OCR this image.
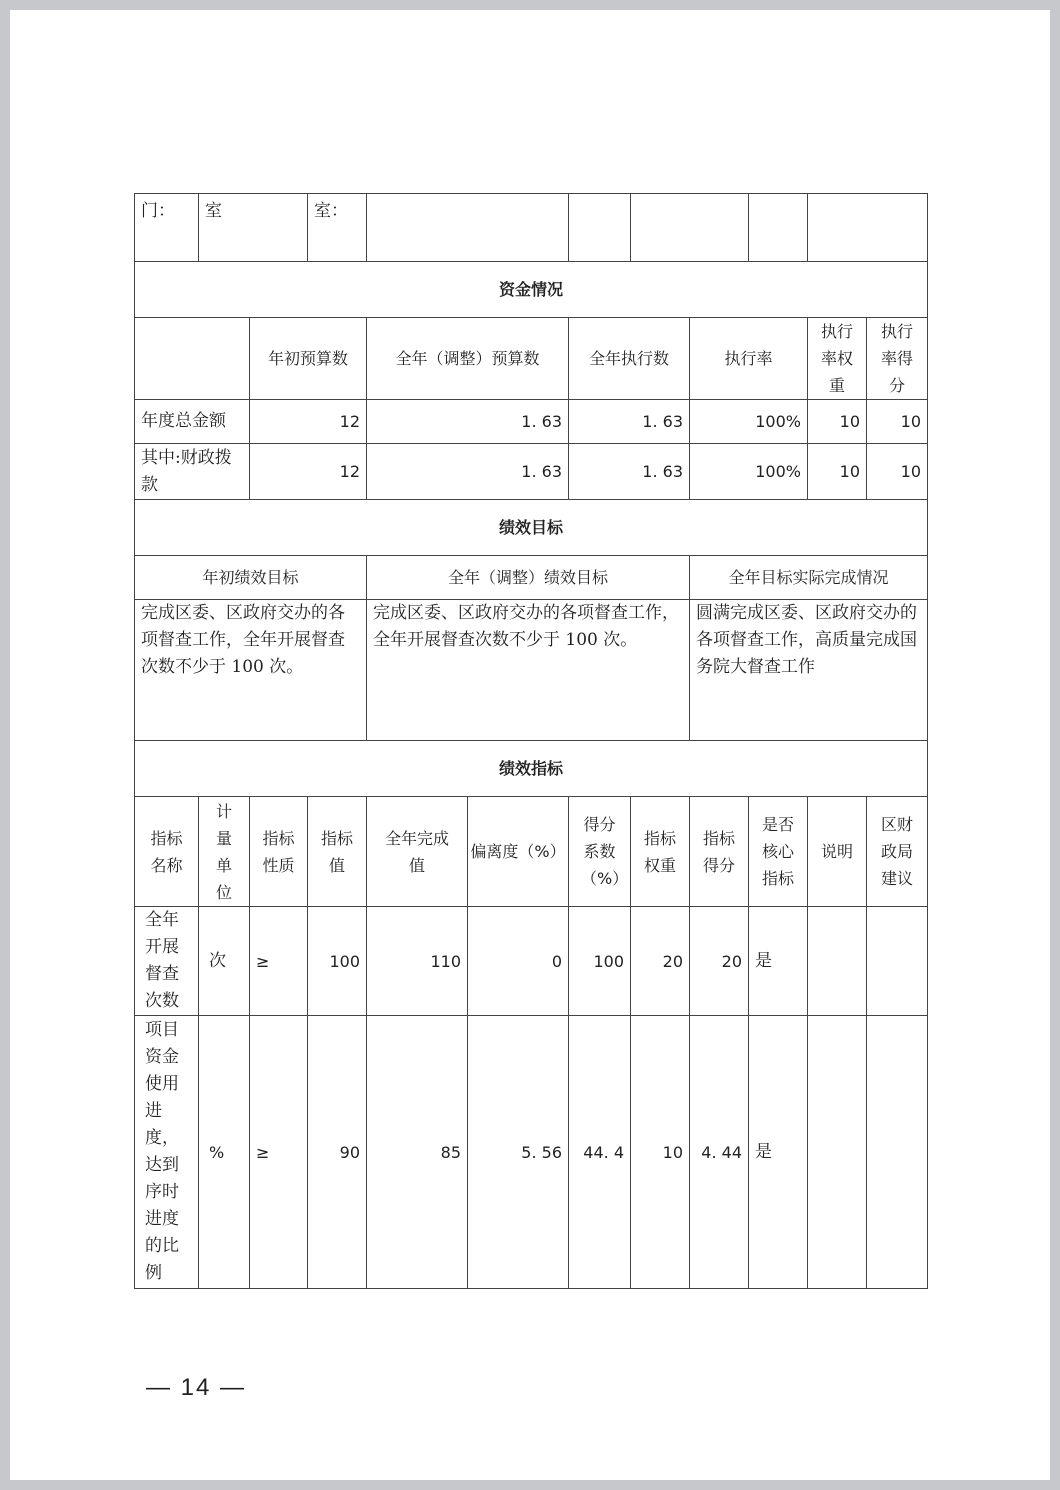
门：	室		室：								
资金情况											
		年初预算数		全年（调整）预算数		全年执行数		执行率		执行率权重	执行率得分
年度总金额		12		1. 63		1. 63		100%		10	10
其中:财政拨款		12		1. 63		1. 63		100%		10	10
绩效目标											
年初绩效目标				全年（调整）绩效目标				全年目标实际完成情况			
完成区委、区政府交办的各项督查工作，全年开展督查次数不少于 100 次。				完成区委、区政府交办的各项督查工作，全年开展督查次数不少于 100 次。				圆满完成区委、区政府交办的各项督查工作，高质量完成国务院大督查工作			
绩效指标											
指标名称	计量单位	指标性质	指标值	全年完成值	偏离度（%）	得分系数（%）	指标权重	指标得分	是否核心指标	说明	区财政局建议
全年开展督查次数	次	≥	100	110	0	100	20	20	是		
项目资金使用进度，达到序时进度的比例	%	≥	90	85	5. 56	44. 4	10	4. 44	是		
— 14 —
